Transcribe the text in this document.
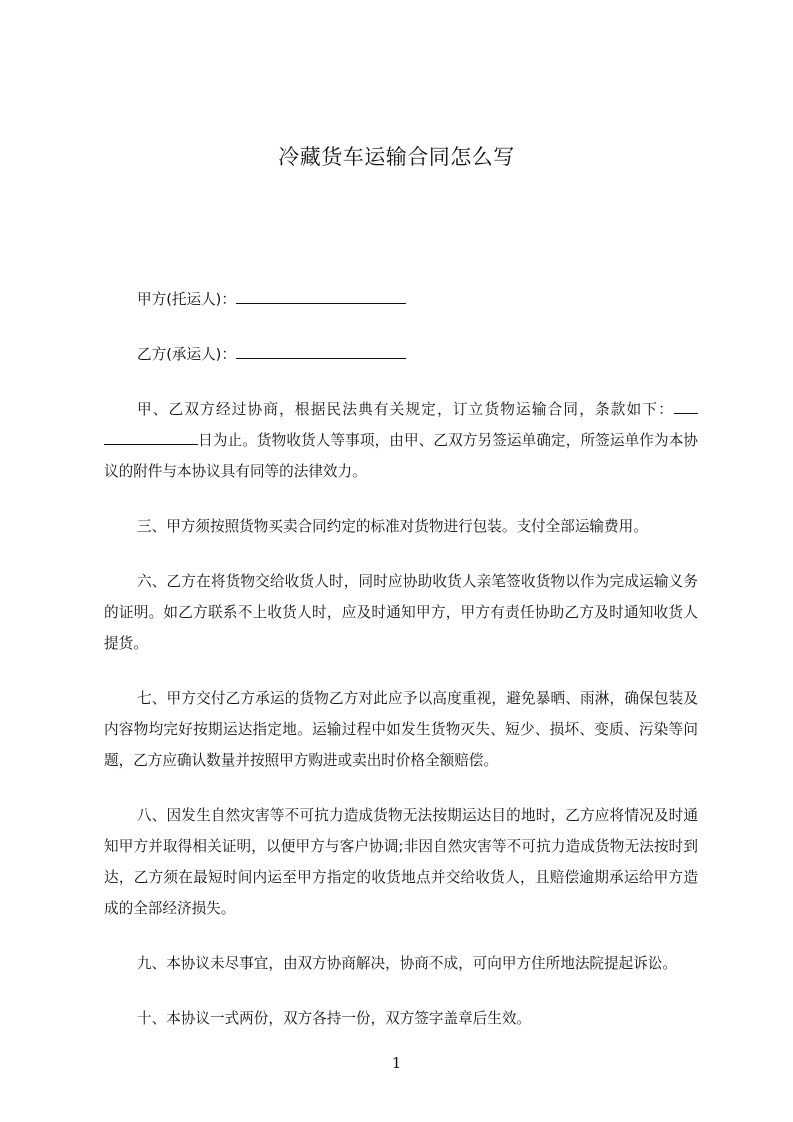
冷藏货车运输合同怎么写
甲方(托运人)：
乙方(承运人)：

甲、乙双方经过协商，根据民法典有关规定，订立货物运输合同，条款如下：日为止。货物收货人等事项，由甲、乙双方另签运单确定，所签运单作为本协议的附件与本协议具有同等的法律效力。

三、甲方须按照货物买卖合同约定的标准对货物进行包装。支付全部运输费用。

六、乙方在将货物交给收货人时，同时应协助收货人亲笔签收货物以作为完成运输义务的证明。如乙方联系不上收货人时，应及时通知甲方，甲方有责任协助乙方及时通知收货人提货。

七、甲方交付乙方承运的货物乙方对此应予以高度重视，避免暴晒、雨淋，确保包装及内容物均完好按期运达指定地。运输过程中如发生货物灭失、短少、损坏、变质、污染等问题，乙方应确认数量并按照甲方购进或卖出时价格全额赔偿。

八、因发生自然灾害等不可抗力造成货物无法按期运达目的地时，乙方应将情况及时通知甲方并取得相关证明，以便甲方与客户协调;非因自然灾害等不可抗力造成货物无法按时到达，乙方须在最短时间内运至甲方指定的收货地点并交给收货人，且赔偿逾期承运给甲方造成的全部经济损失。

九、本协议未尽事宜，由双方协商解决，协商不成，可向甲方住所地法院提起诉讼。

十、本协议一式两份，双方各持一份，双方签字盖章后生效。

1
